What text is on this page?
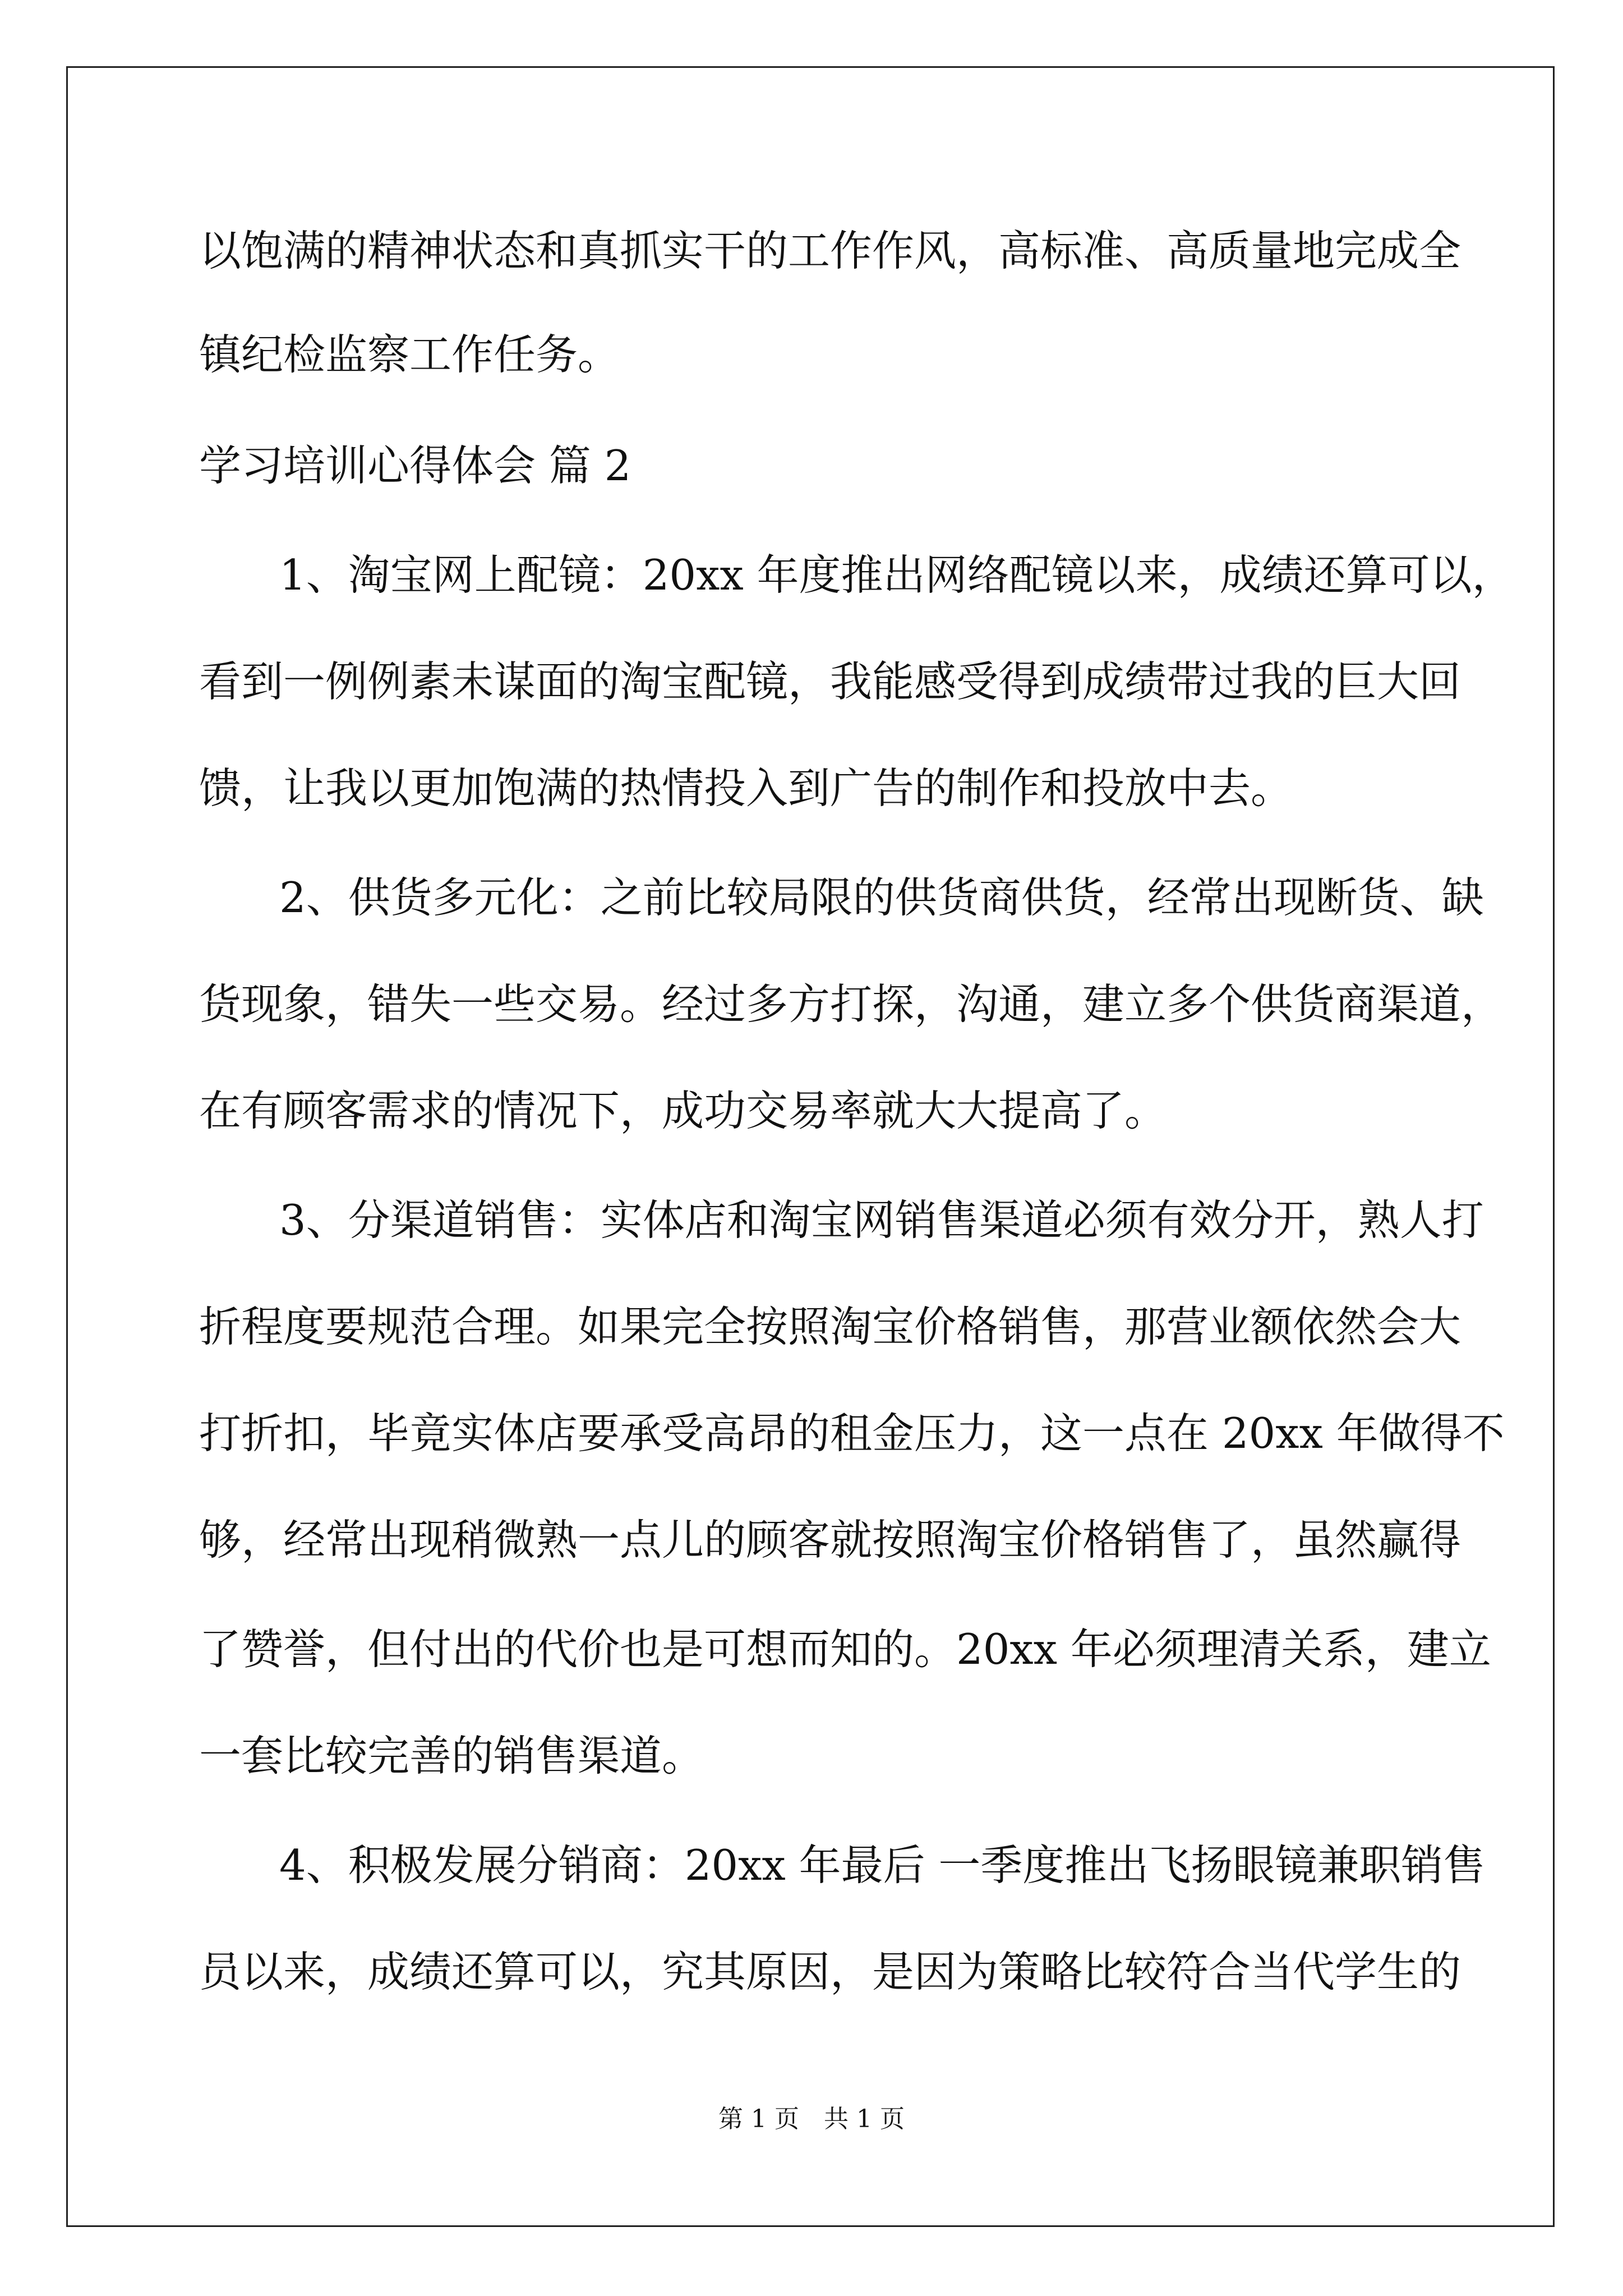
以饱满的精神状态和真抓实干的工作作风，高标准、高质量地完成全
镇纪检监察工作任务。
学习培训心得体会 篇 2
1、淘宝网上配镜：20xx 年度推出网络配镜以来，成绩还算可以，
看到一例例素未谋面的淘宝配镜，我能感受得到成绩带过我的巨大回
馈，让我以更加饱满的热情投入到广告的制作和投放中去。
2、供货多元化：之前比较局限的供货商供货，经常出现断货、缺
货现象，错失一些交易。经过多方打探，沟通，建立多个供货商渠道，
在有顾客需求的情况下，成功交易率就大大提高了。
3、分渠道销售：实体店和淘宝网销售渠道必须有效分开，熟人打
折程度要规范合理。如果完全按照淘宝价格销售，那营业额依然会大
打折扣，毕竟实体店要承受高昂的租金压力，这一点在 20xx 年做得不
够，经常出现稍微熟一点儿的顾客就按照淘宝价格销售了，虽然赢得
了赞誉，但付出的代价也是可想而知的。20xx 年必须理清关系，建立
一套比较完善的销售渠道。
4、积极发展分销商：20xx 年最后 一季度推出飞扬眼镜兼职销售
员以来，成绩还算可以，究其原因，是因为策略比较符合当代学生的
第 1 页　共 1 页
